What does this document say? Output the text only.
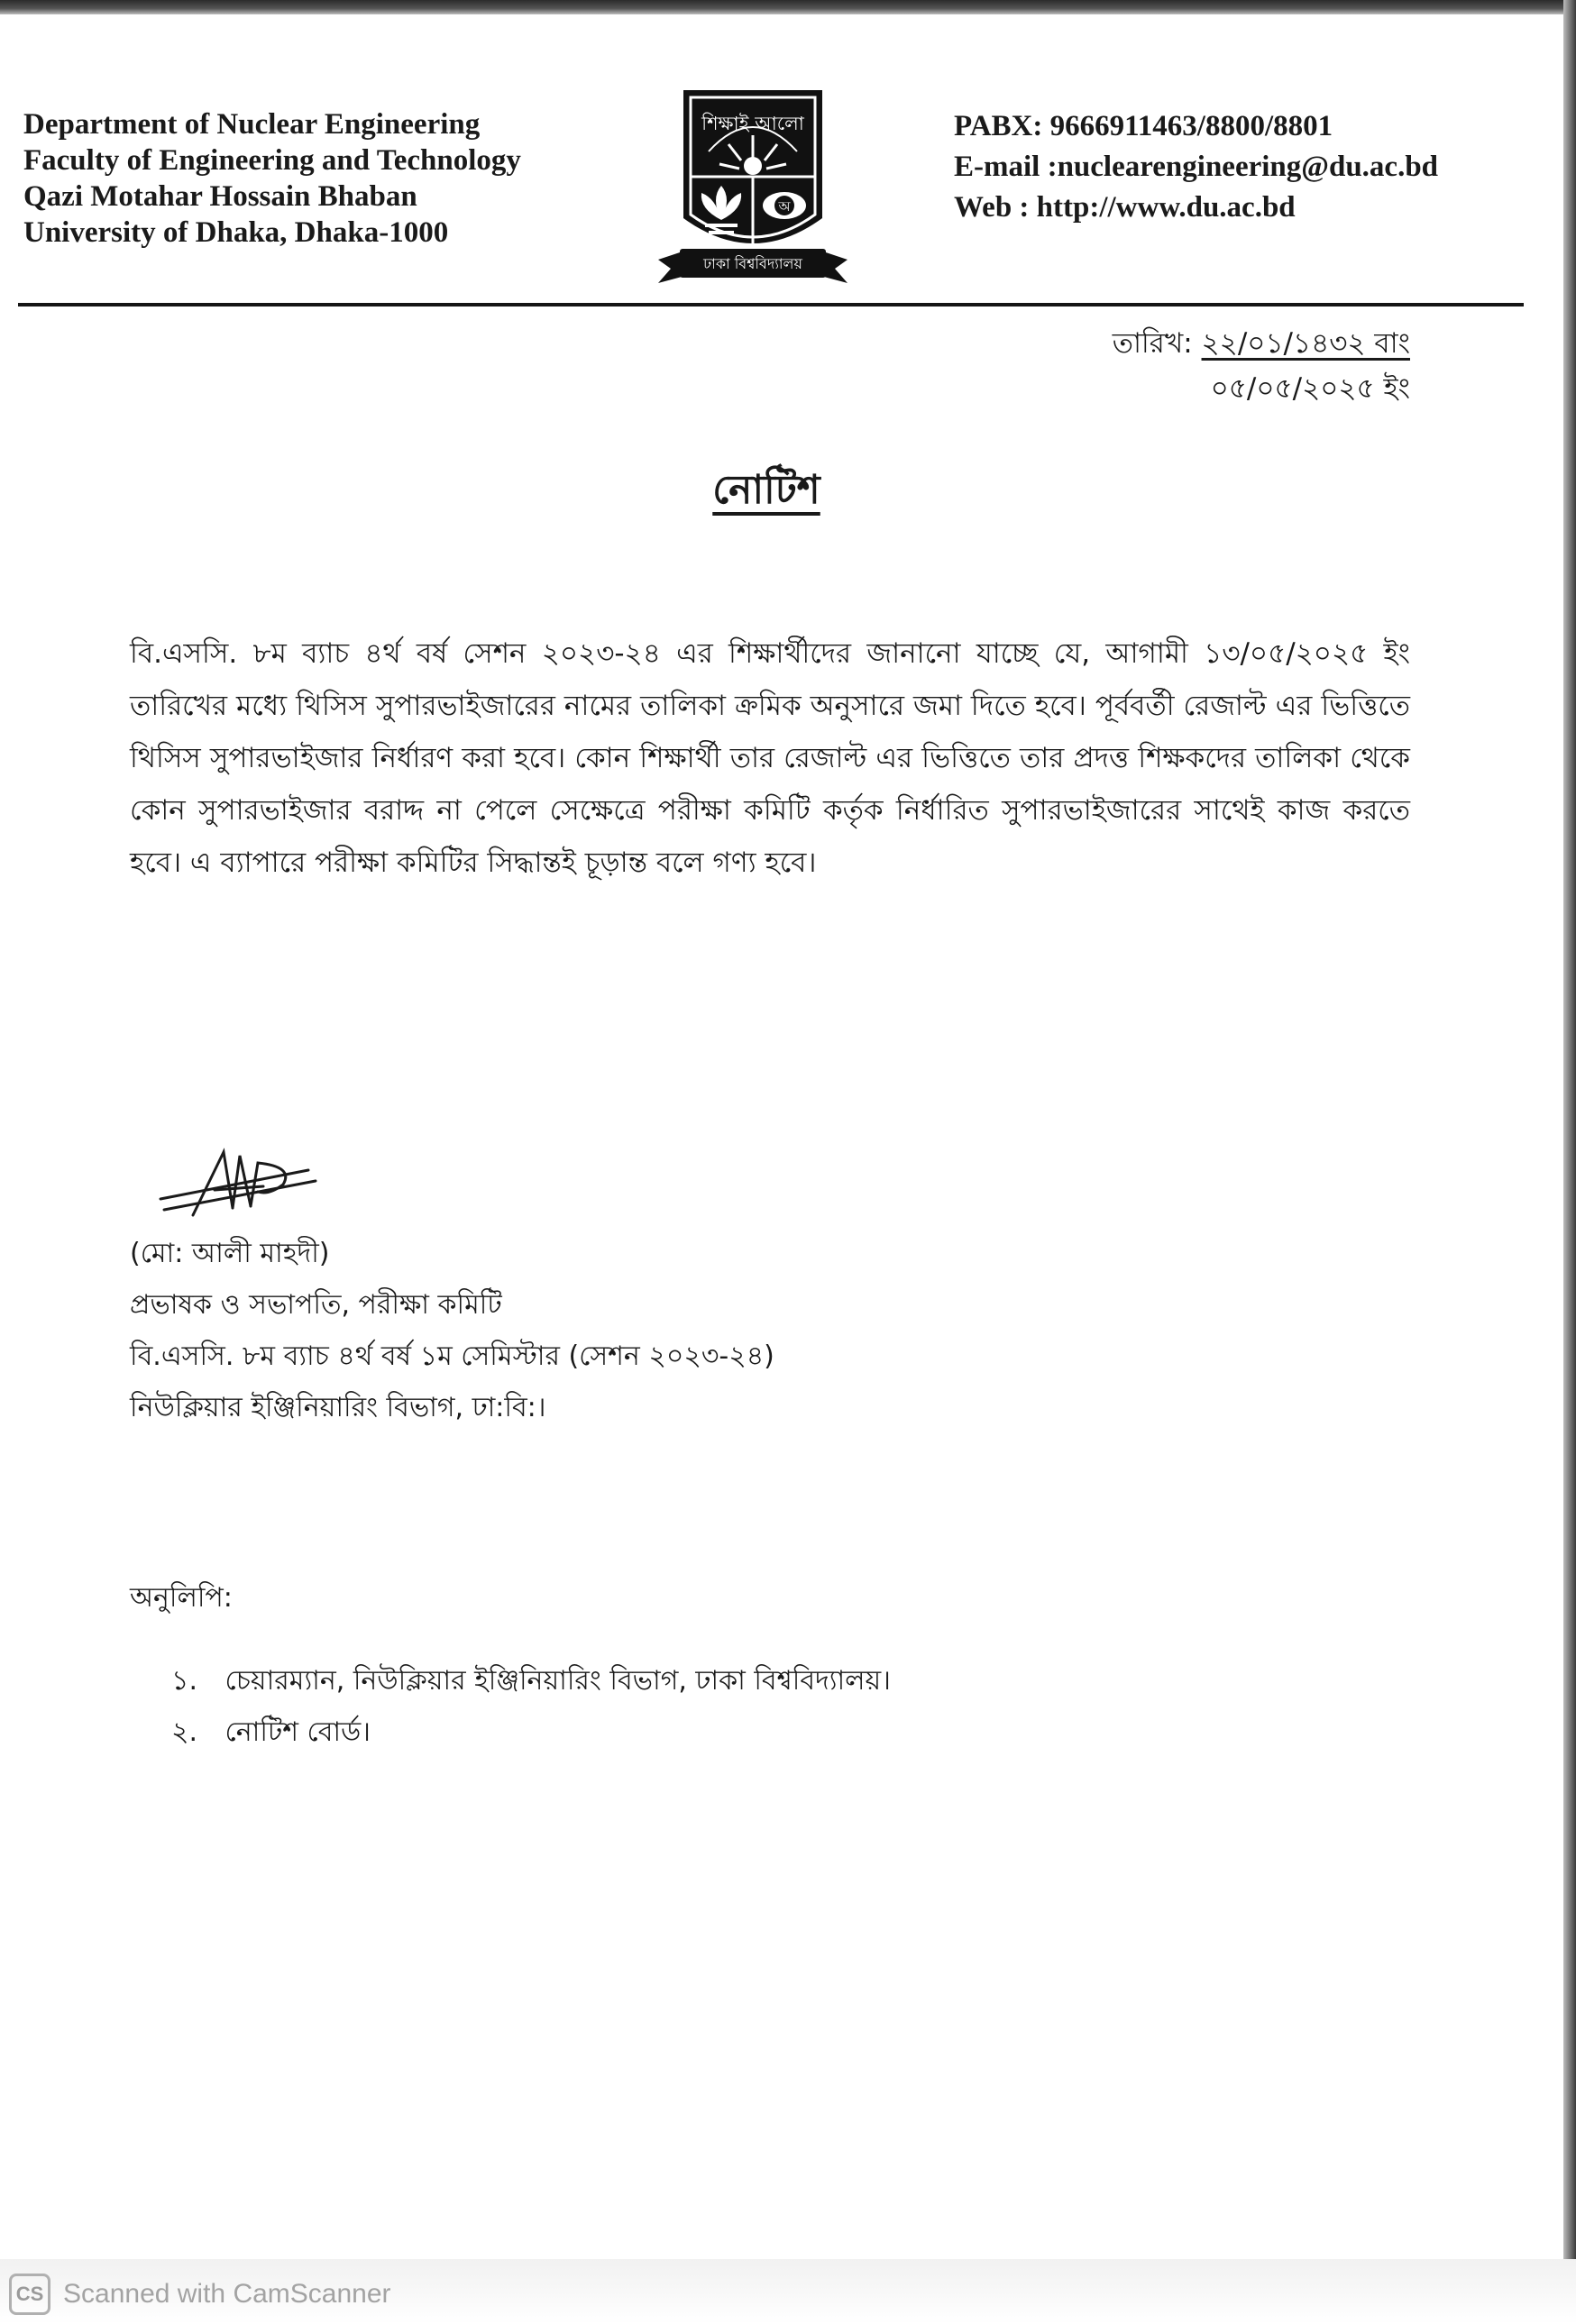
Department of Nuclear Engineering
Faculty of Engineering and Technology
Qazi Motahar Hossain Bhaban
University of Dhaka, Dhaka-1000
শিক্ষাই আলো
অ
ঢাকা বিশ্ববিদ্যালয়
PABX: 9666911463/8800/8801
E-mail :nuclearengineering@du.ac.bd
Web : http://www.du.ac.bd
তারিখ: ২২/০১/১৪৩২ বাং
০৫/০৫/২০২৫ ইং
নোটিশ
বি.এসসি. ৮ম ব্যাচ ৪র্থ বর্ষ সেশন ২০২৩-২৪ এর শিক্ষার্থীদের জানানো যাচ্ছে যে, আগামী ১৩/০৫/২০২৫ ইং তারিখের মধ্যে থিসিস সুপারভাইজারের নামের তালিকা ক্রমিক অনুসারে জমা দিতে হবে। পূর্ববর্তী রেজাল্ট এর ভিত্তিতে থিসিস সুপারভাইজার নির্ধারণ করা হবে। কোন শিক্ষার্থী তার রেজাল্ট এর ভিত্তিতে তার প্রদত্ত শিক্ষকদের তালিকা থেকে কোন সুপারভাইজার বরাদ্দ না পেলে সেক্ষেত্রে পরীক্ষা কমিটি কর্তৃক নির্ধারিত সুপারভাইজারের সাথেই কাজ করতে হবে। এ ব্যাপারে পরীক্ষা কমিটির সিদ্ধান্তই চূড়ান্ত বলে গণ্য হবে।
(মো: আলী মাহদী)
প্রভাষক ও সভাপতি, পরীক্ষা কমিটি
বি.এসসি. ৮ম ব্যাচ ৪র্থ বর্ষ ১ম সেমিস্টার (সেশন ২০২৩-২৪)
নিউক্লিয়ার ইঞ্জিনিয়ারিং বিভাগ, ঢা:বি:।
অনুলিপি:
১. চেয়ারম্যান, নিউক্লিয়ার ইঞ্জিনিয়ারিং বিভাগ, ঢাকা বিশ্ববিদ্যালয়।
২. নোটিশ বোর্ড।
CS Scanned with CamScanner
